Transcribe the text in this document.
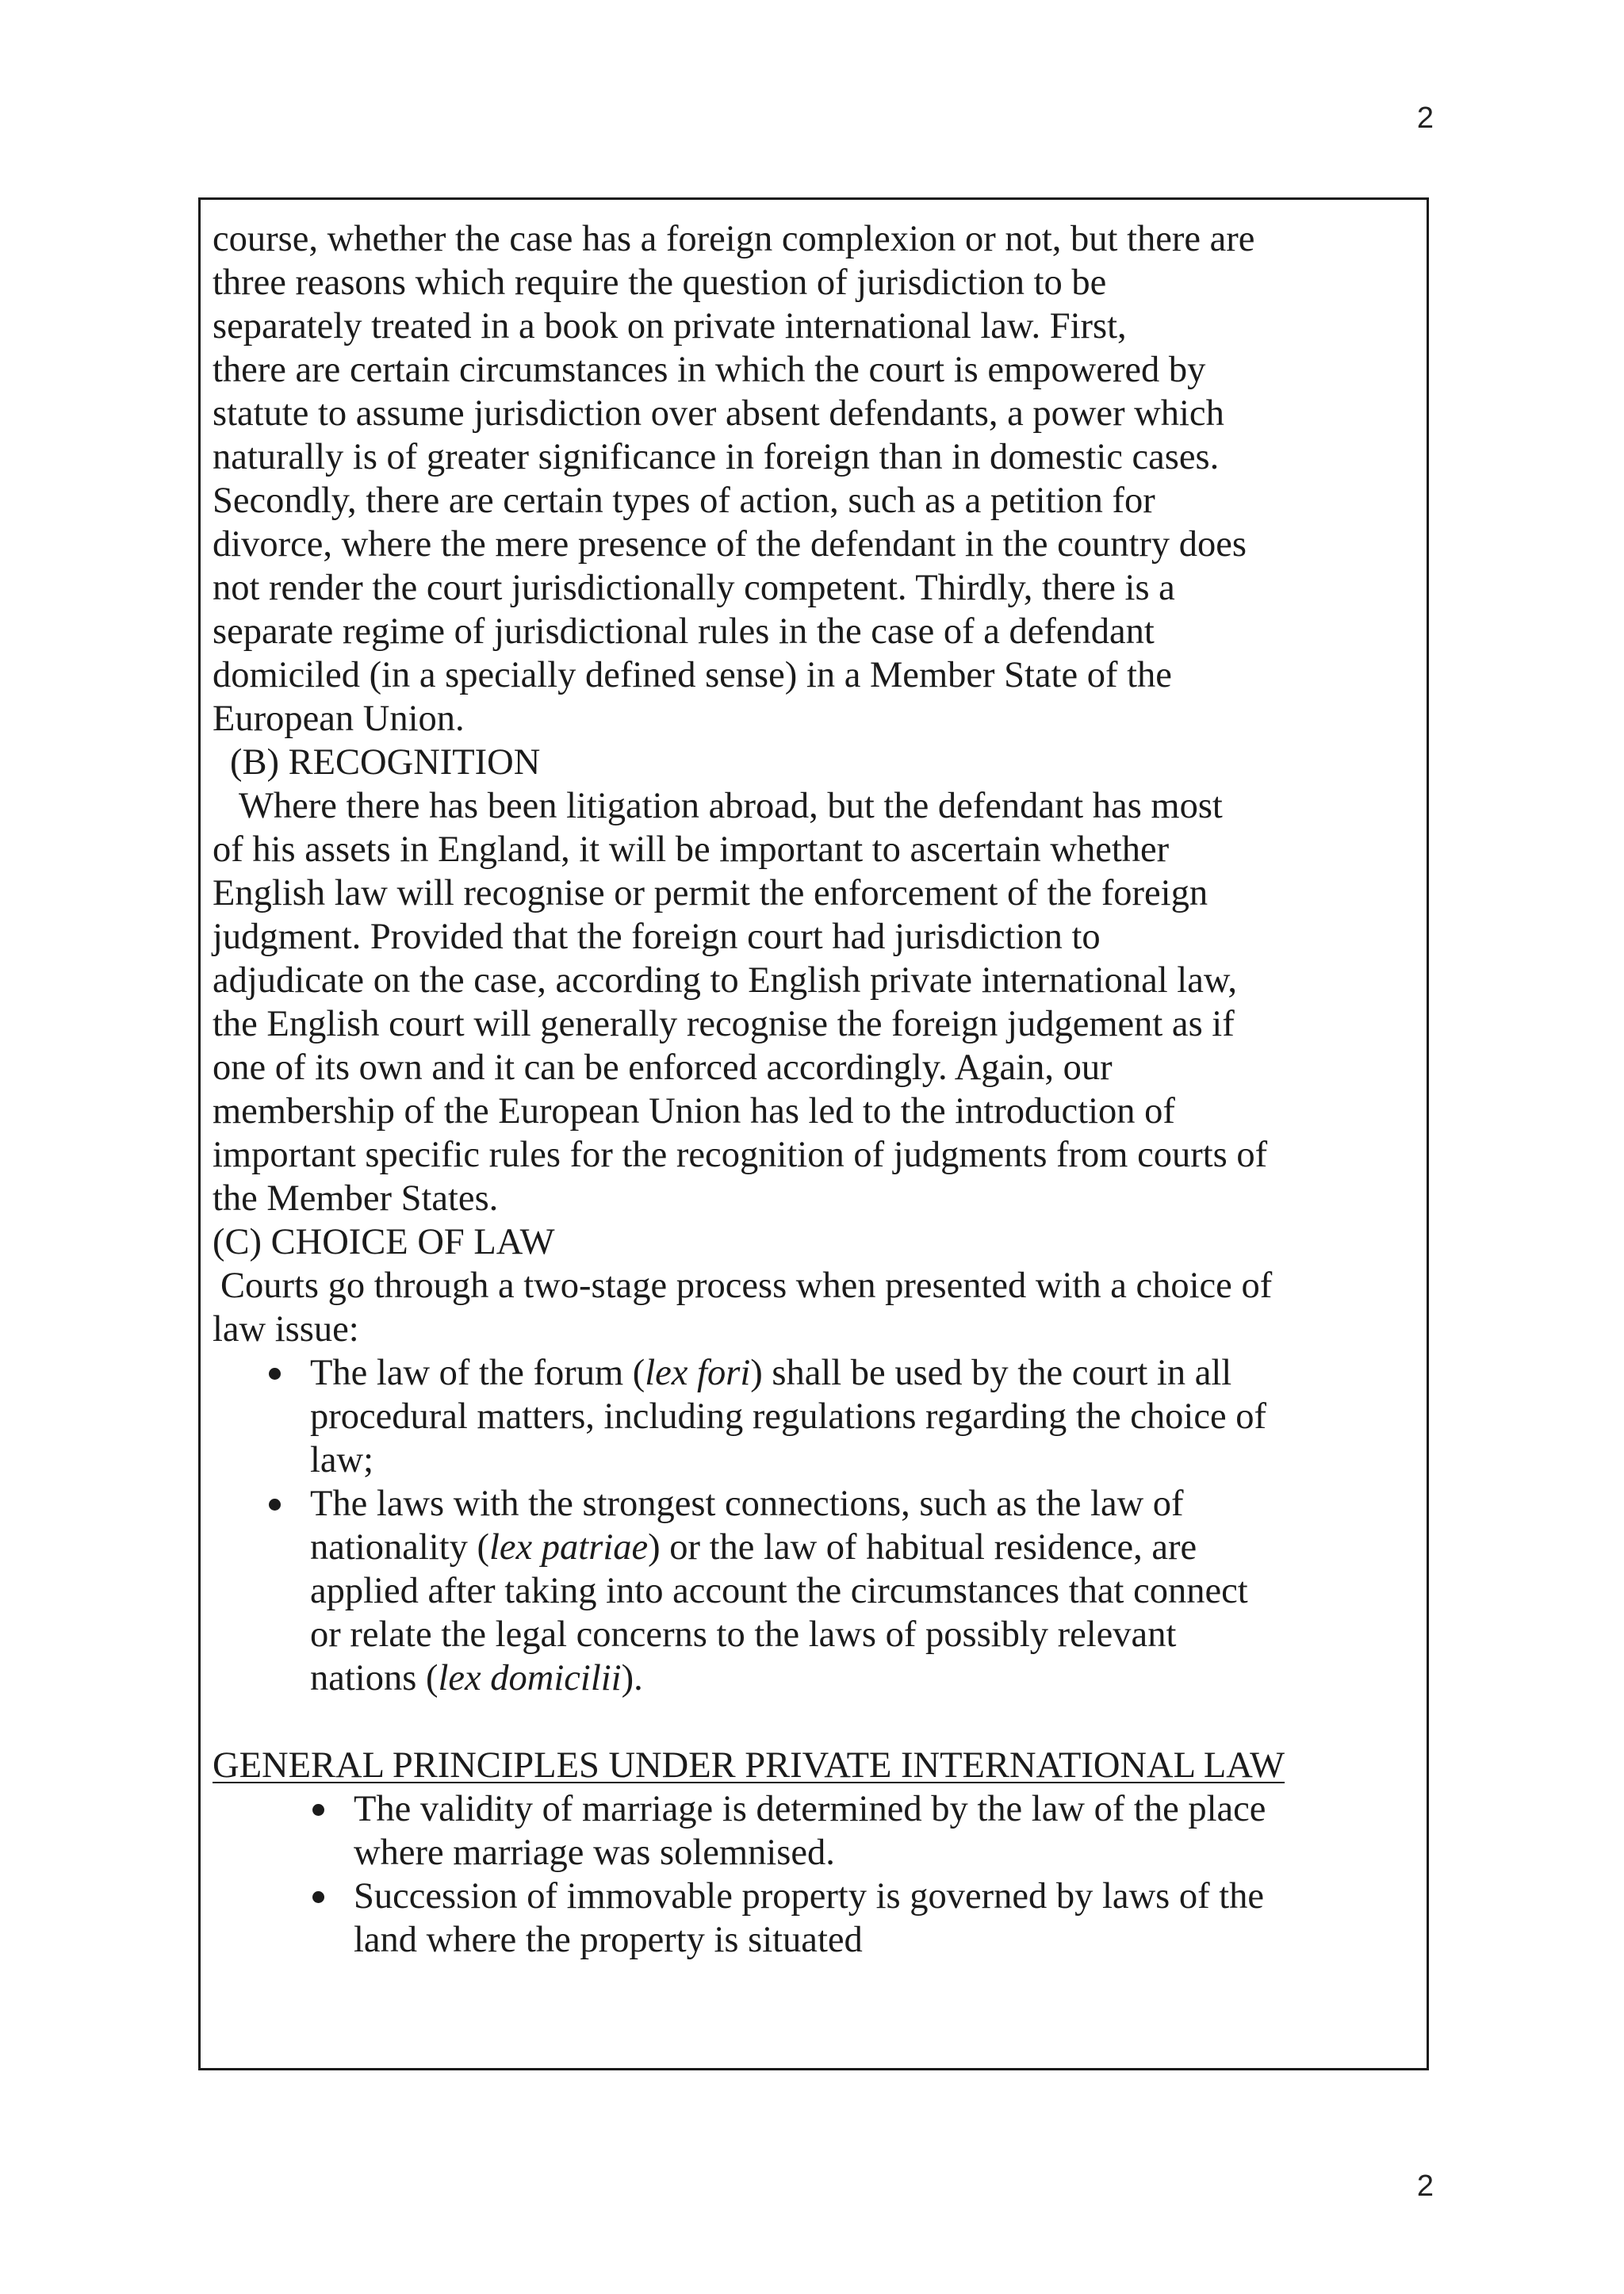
2

course, whether the case has a foreign complexion or not, but there are
three reasons which require the question of jurisdiction to be
separately treated in a book on private international law. First,
there are certain circumstances in which the court is empowered by
statute to assume jurisdiction over absent defendants, a power which
naturally is of greater significance in foreign than in domestic cases.
Secondly, there are certain types of action, such as a petition for
divorce, where the mere presence of the defendant in the country does
not render the court jurisdictionally competent. Thirdly, there is a
separate regime of jurisdictional rules in the case of a defendant
domiciled (in a specially defined sense) in a Member State of the
European Union.

(B) RECOGNITION

Where there has been litigation abroad, but the defendant has most
of his assets in England, it will be important to ascertain whether
English law will recognise or permit the enforcement of the foreign
judgment. Provided that the foreign court had jurisdiction to
adjudicate on the case, according to English private international law,
the English court will generally recognise the foreign judgement as if
one of its own and it can be enforced accordingly. Again, our
membership of the European Union has led to the introduction of
important specific rules for the recognition of judgments from courts of
the Member States.

(C) CHOICE OF LAW

Courts go through a two-stage process when presented with a choice of
law issue:

The law of the forum (lex fori) shall be used by the court in all
procedural matters, including regulations regarding the choice of
law;
The laws with the strongest connections, such as the law of
nationality (lex patriae) or the law of habitual residence, are
applied after taking into account the circumstances that connect
or relate the legal concerns to the laws of possibly relevant
nations (lex domicilii).

GENERAL PRINCIPLES UNDER PRIVATE INTERNATIONAL LAW

The validity of marriage is determined by the law of the place
where marriage was solemnised.
Succession of immovable property is governed by laws of the
land where the property is situated
2
